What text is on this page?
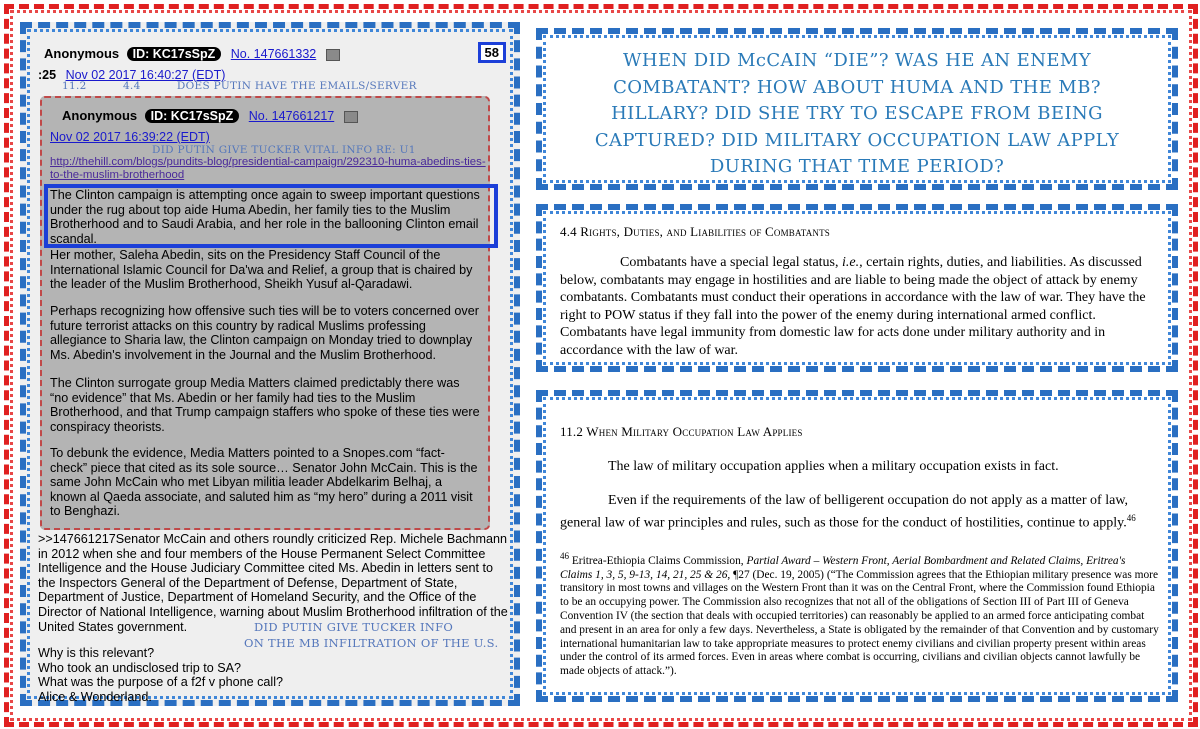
Anonymous ID: KC17sSpZ No. 147661332	58
:25 Nov 02 2017 16:40:27 (EDT)
11.2          4.4          DOES PUTIN HAVE THE EMAILS/SERVER
Anonymous ID: KC17sSpZ No. 147661217
Nov 02 2017 16:39:22 (EDT)
DID PUTIN GIVE TUCKER VITAL INFO RE: U1
http://thehill.com/blogs/pundits-blog/presidential-campaign/292310-huma-abedins-ties-to-the-muslim-brotherhood
The Clinton campaign is attempting once again to sweep important questions under the rug about top aide Huma Abedin, her family ties to the Muslim Brotherhood and to Saudi Arabia, and her role in the ballooning Clinton email scandal.
Her mother, Saleha Abedin, sits on the Presidency Staff Council of the International Islamic Council for Da'wa and Relief, a group that is chaired by the leader of the Muslim Brotherhood, Sheikh Yusuf al-Qaradawi.
Perhaps recognizing how offensive such ties will be to voters concerned over future terrorist attacks on this country by radical Muslims professing allegiance to Sharia law, the Clinton campaign on Monday tried to downplay Ms. Abedin's involvement in the Journal and the Muslim Brotherhood.
The Clinton surrogate group Media Matters claimed predictably there was “no evidence” that Ms. Abedin or her family had ties to the Muslim Brotherhood, and that Trump campaign staffers who spoke of these ties were conspiracy theorists.
To debunk the evidence, Media Matters pointed to a Snopes.com “fact-check” piece that cited as its sole source… Senator John McCain. This is the same John McCain who met Libyan militia leader Abdelkarim Belhaj, a known al Qaeda associate, and saluted him as “my hero” during a 2011 visit to Benghazi.
>>147661217Senator McCain and others roundly criticized Rep. Michele Bachmann in 2012 when she and four members of the House Permanent Select Committee Intelligence and the House Judiciary Committee cited Ms. Abedin in letters sent to the Inspectors General of the Department of Defense, Department of State, Department of Justice, Department of Homeland Security, and the Office of the Director of National Intelligence, warning about Muslim Brotherhood infiltration of the United States government.	DID PUTIN GIVE TUCKER INFO
ON THE MB INFILTRATION OF THE U.S.
Why is this relevant?
Who took an undisclosed trip to SA?
What was the purpose of a f2f v phone call?
Alice & Wonderland.
WHEN DID McCAIN “DIE”? WAS HE AN ENEMY COMBATANT? HOW ABOUT HUMA AND THE MB? HILLARY? DID SHE TRY TO ESCAPE FROM BEING CAPTURED? DID MILITARY OCCUPATION LAW APPLY DURING THAT TIME PERIOD?
4.4 Rights, Duties, and Liabilities of Combatants
Combatants have a special legal status, i.e., certain rights, duties, and liabilities. As discussed below, combatants may engage in hostilities and are liable to being made the object of attack by enemy combatants. Combatants must conduct their operations in accordance with the law of war. They have the right to POW status if they fall into the power of the enemy during international armed conflict. Combatants have legal immunity from domestic law for acts done under military authority and in accordance with the law of war.
11.2 When Military Occupation Law Applies
The law of military occupation applies when a military occupation exists in fact.
Even if the requirements of the law of belligerent occupation do not apply as a matter of law, general law of war principles and rules, such as those for the conduct of hostilities, continue to apply.$^{46}$
$^{46}$ Eritrea-Ethiopia Claims Commission, Partial Award – Western Front, Aerial Bombardment and Related Claims, Eritrea's Claims 1, 3, 5, 9-13, 14, 21, 25 & 26, ¶27 (Dec. 19, 2005) (“The Commission agrees that the Ethiopian military presence was more transitory in most towns and villages on the Western Front than it was on the Central Front, where the Commission found Ethiopia to be an occupying power. The Commission also recognizes that not all of the obligations of Section III of Part III of Geneva Convention IV (the section that deals with occupied territories) can reasonably be applied to an armed force anticipating combat and present in an area for only a few days. Nevertheless, a State is obligated by the remainder of that Convention and by customary international humanitarian law to take appropriate measures to protect enemy civilians and civilian property present within areas under the control of its armed forces. Even in areas where combat is occurring, civilians and civilian objects cannot lawfully be made objects of attack.”).
